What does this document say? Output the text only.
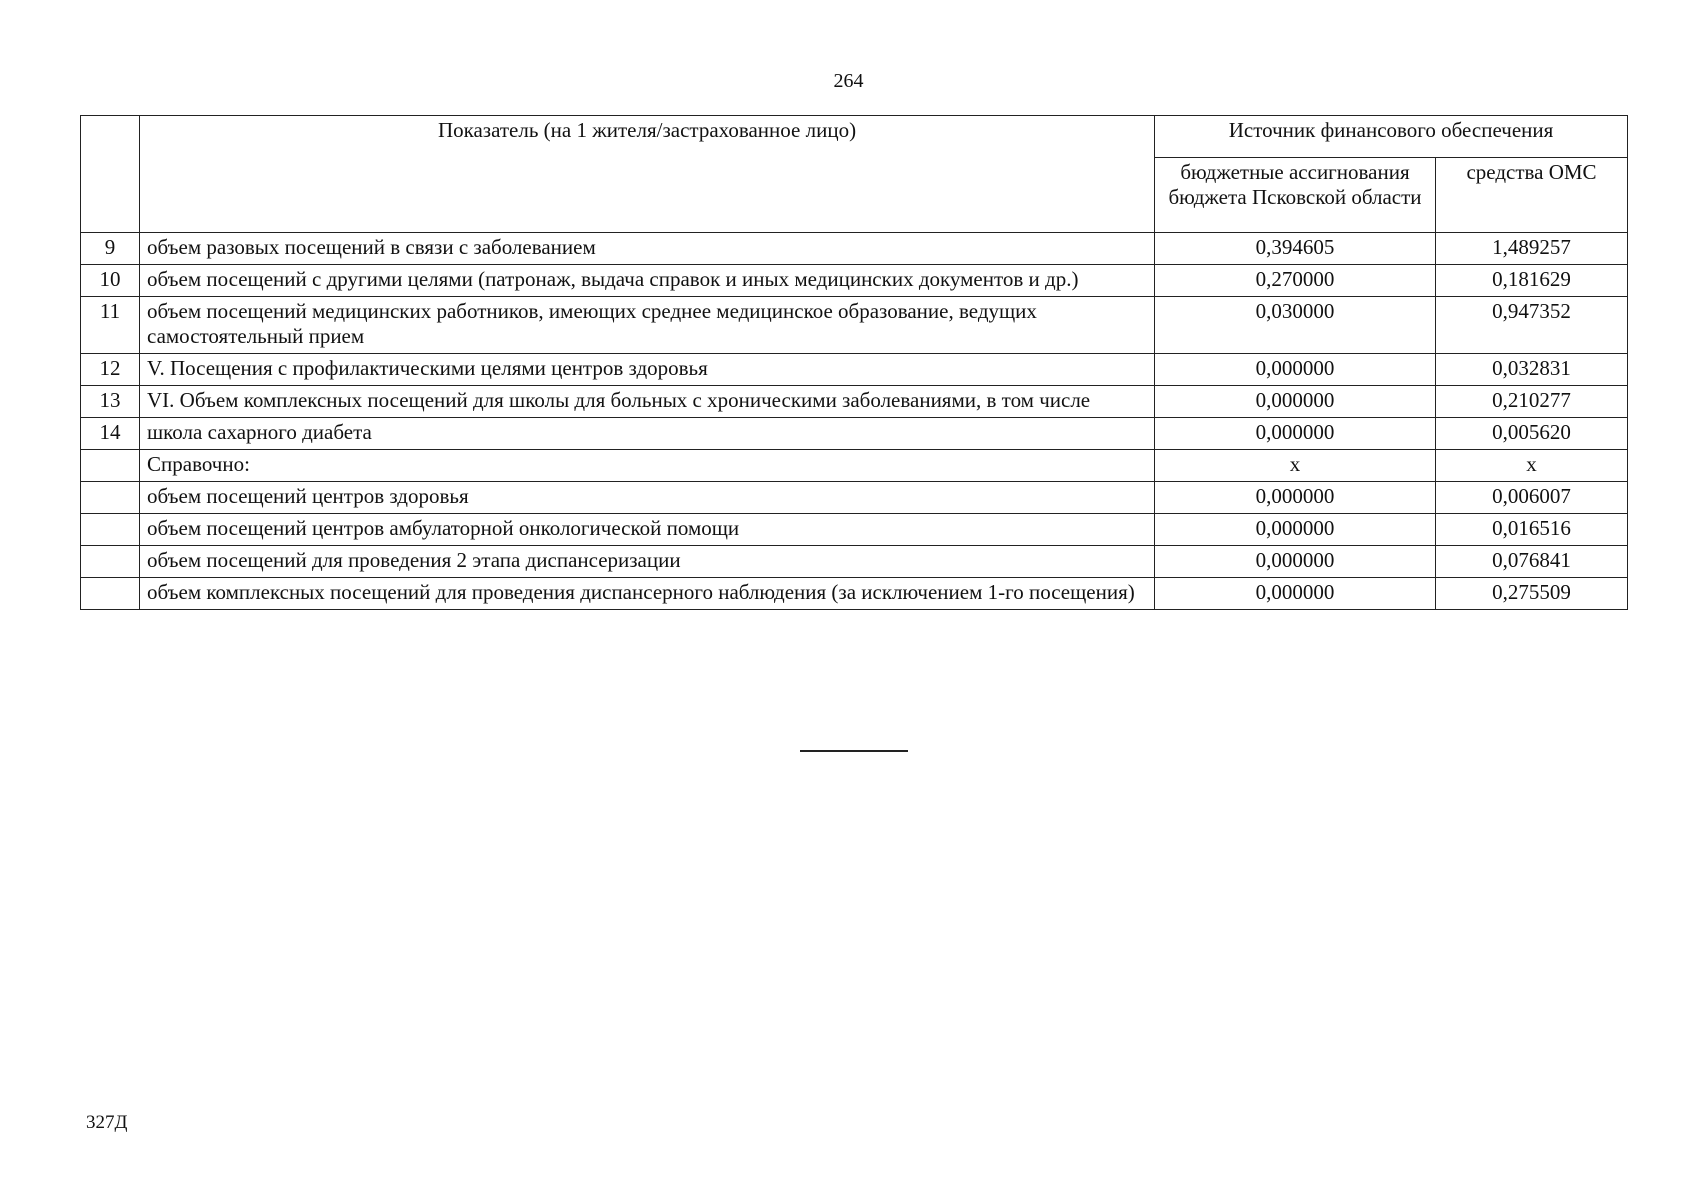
264
	Показатель (на 1 жителя/застрахованное лицо)	Источник финансового обеспечения	
		бюджетные ассигнования бюджета Псковской области	средства ОМС
9	объем разовых посещений в связи с заболеванием	0,394605	1,489257
10	объем посещений с другими целями (патронаж, выдача справок и иных медицинских документов и др.)	0,270000	0,181629
11	объем посещений медицинских работников, имеющих среднее медицинское образование, ведущих самостоятельный прием	0,030000	0,947352
12	V. Посещения с профилактическими целями центров здоровья	0,000000	0,032831
13	VI. Объем комплексных посещений для школы для больных с хроническими заболеваниями, в том числе	0,000000	0,210277
14	школа сахарного диабета	0,000000	0,005620
	Справочно:	х	х
	объем посещений центров здоровья	0,000000	0,006007
	объем посещений центров амбулаторной онкологической помощи	0,000000	0,016516
	объем посещений для проведения 2 этапа диспансеризации	0,000000	0,076841
	объем комплексных посещений для проведения диспансерного наблюдения (за исключением 1-го посещения)	0,000000	0,275509
327Д
